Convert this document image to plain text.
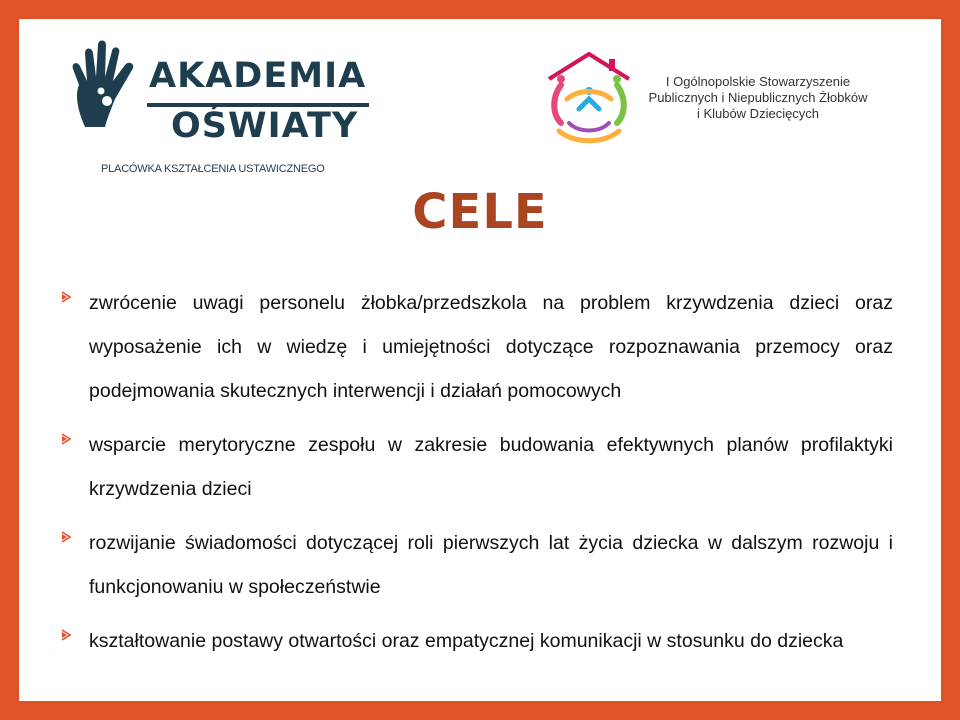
AKADEMIA
OŚWIATY
PLACÓWKA KSZTAŁCENIA USTAWICZNEGO
I Ogólnopolskie Stowarzyszenie
Publicznych i Niepublicznych Żłobków
i Klubów Dziecięcych
CELE
zwrócenie uwagi personelu żłobka/przedszkola na problem krzywdzenia dzieci oraz wyposażenie ich w wiedzę i umiejętności dotyczące rozpoznawania przemocy oraz podejmowania skutecznych interwencji i działań pomocowych
wsparcie merytoryczne zespołu w zakresie budowania efektywnych planów profilaktyki krzywdzenia dzieci
rozwijanie świadomości dotyczącej roli pierwszych lat życia dziecka w dalszym rozwoju i funkcjonowaniu w społeczeństwie
kształtowanie postawy otwartości oraz empatycznej komunikacji w stosunku do dziecka
